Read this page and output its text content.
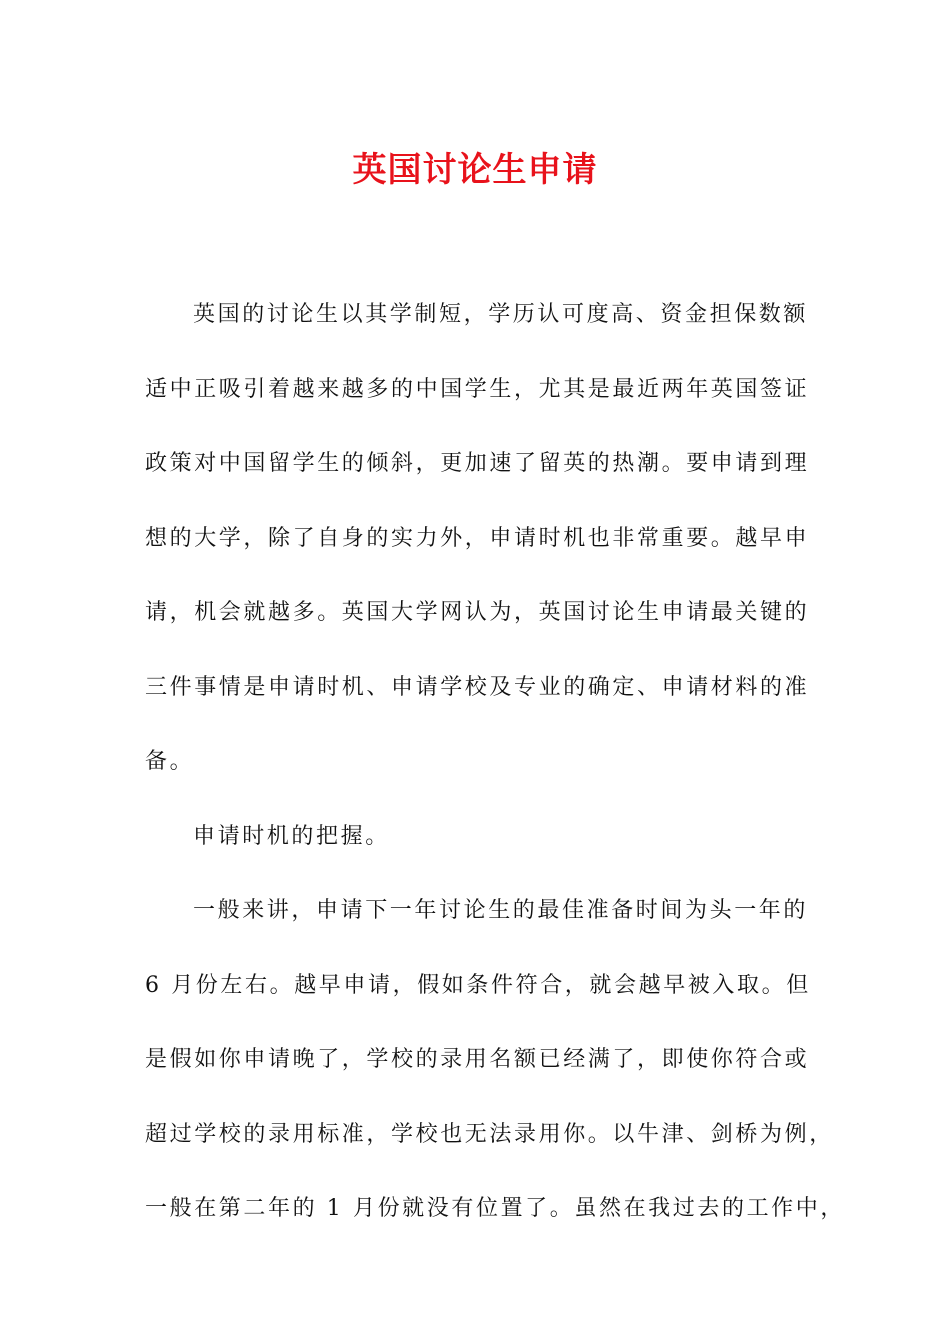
英国讨论生申请
英国的讨论生以其学制短，学历认可度高、资金担保数额
适中正吸引着越来越多的中国学生，尤其是最近两年英国签证
政策对中国留学生的倾斜，更加速了留英的热潮。要申请到理
想的大学，除了自身的实力外，申请时机也非常重要。越早申
请，机会就越多。英国大学网认为，英国讨论生申请最关键的
三件事情是申请时机、申请学校及专业的确定、申请材料的准
备。
申请时机的把握。
一般来讲，申请下一年讨论生的最佳准备时间为头一年的
6 月份左右。越早申请，假如条件符合，就会越早被入取。但
是假如你申请晚了，学校的录用名额已经满了，即使你符合或
超过学校的录用标准，学校也无法录用你。以牛津、剑桥为例，
一般在第二年的 1 月份就没有位置了。虽然在我过去的工作中，
